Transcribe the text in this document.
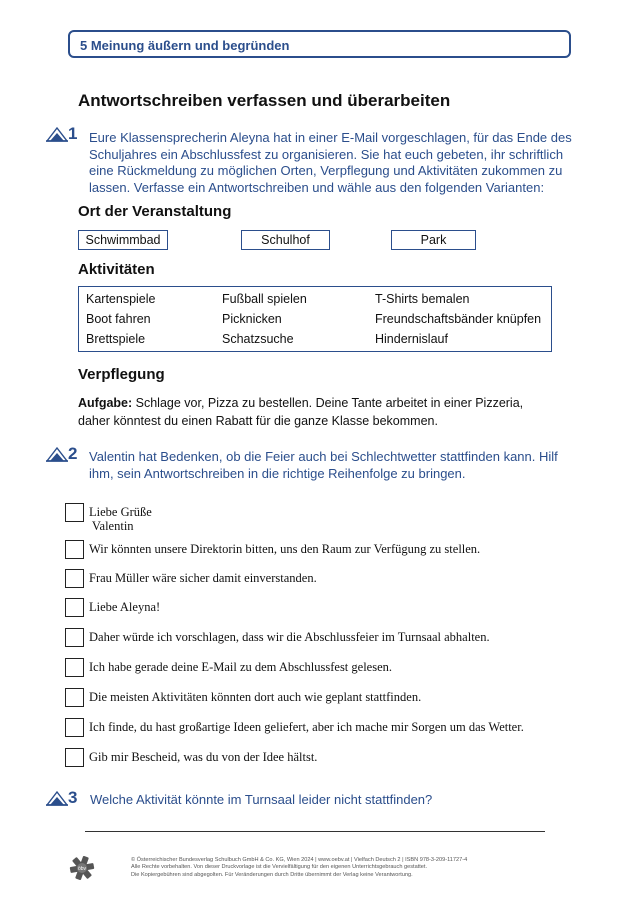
5 Meinung äußern und begründen
Antwortschreiben verfassen und überarbeiten
1 Eure Klassensprecherin Aleyna hat in einer E-Mail vorgeschlagen, für das Ende des
Schuljahres ein Abschlussfest zu organisieren. Sie hat euch gebeten, ihr schriftlich
eine Rückmeldung zu möglichen Orten, Verpflegung und Aktivitäten zukommen zu
lassen. Verfasse ein Antwortschreiben und wähle aus den folgenden Varianten:
Ort der Veranstaltung
Schwimmbad	Schulhof	Park
Aktivitäten
Kartenspiele	Fußball spielen	T-Shirts bemalen
Boot fahren	Picknicken	Freundschaftsbänder knüpfen
Brettspiele	Schatzsuche	Hindernislauf
Verpflegung
Aufgabe: Schlage vor, Pizza zu bestellen. Deine Tante arbeitet in einer Pizzeria,
daher könntest du einen Rabatt für die ganze Klasse bekommen.
2 Valentin hat Bedenken, ob die Feier auch bei Schlechtwetter stattfinden kann. Hilf
ihm, sein Antwortschreiben in die richtige Reihenfolge zu bringen.
Liebe Grüße
Valentin
Wir könnten unsere Direktorin bitten, uns den Raum zur Verfügung zu stellen.
Frau Müller wäre sicher damit einverstanden.
Liebe Aleyna!
Daher würde ich vorschlagen, dass wir die Abschlussfeier im Turnsaal abhalten.
Ich habe gerade deine E-Mail zu dem Abschlussfest gelesen.
Die meisten Aktivitäten könnten dort auch wie geplant stattfinden.
Ich finde, du hast großartige Ideen geliefert, aber ich mache mir Sorgen um das Wetter.
Gib mir Bescheid, was du von der Idee hältst.
3 Welche Aktivität könnte im Turnsaal leider nicht stattfinden?
öbv
© Österreichischer Bundesverlag Schulbuch GmbH & Co. KG, Wien 2024 | www.oebv.at | Vielfach Deutsch 2 | ISBN 978-3-209-11727-4
Alle Rechte vorbehalten. Von dieser Druckvorlage ist die Vervielfältigung für den eigenen Unterrichtsgebrauch gestattet.
Die Kopiergebühren sind abgegolten. Für Veränderungen durch Dritte übernimmt der Verlag keine Verantwortung.
